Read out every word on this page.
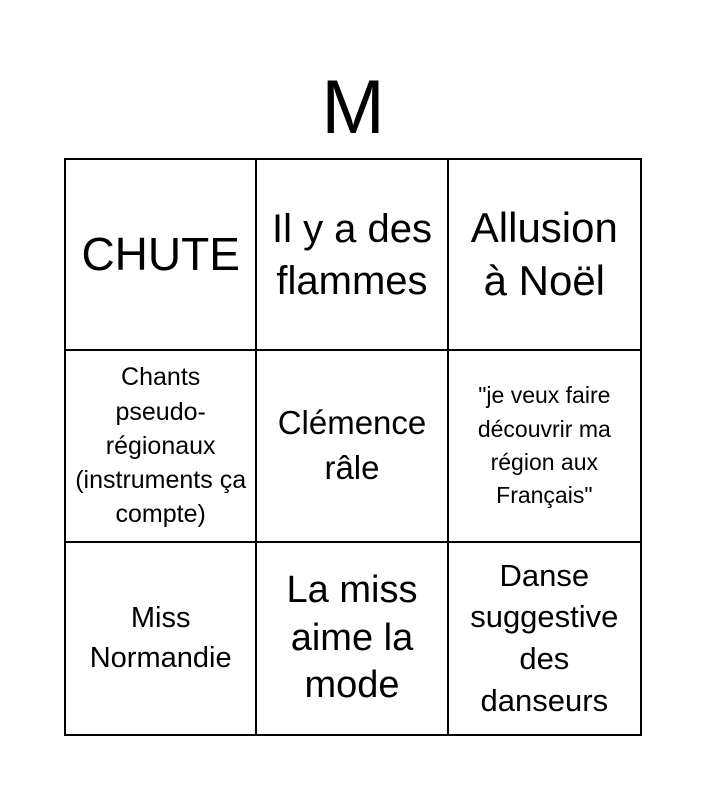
M
CHUTE Il y a des flammes
Allusion à Noël
Chants pseudo-régionaux (instruments ça compte)
Clémence râle
"je veux faire découvrir ma région aux Français"
Miss Normandie
La miss aime la mode
Danse suggestive des danseurs
